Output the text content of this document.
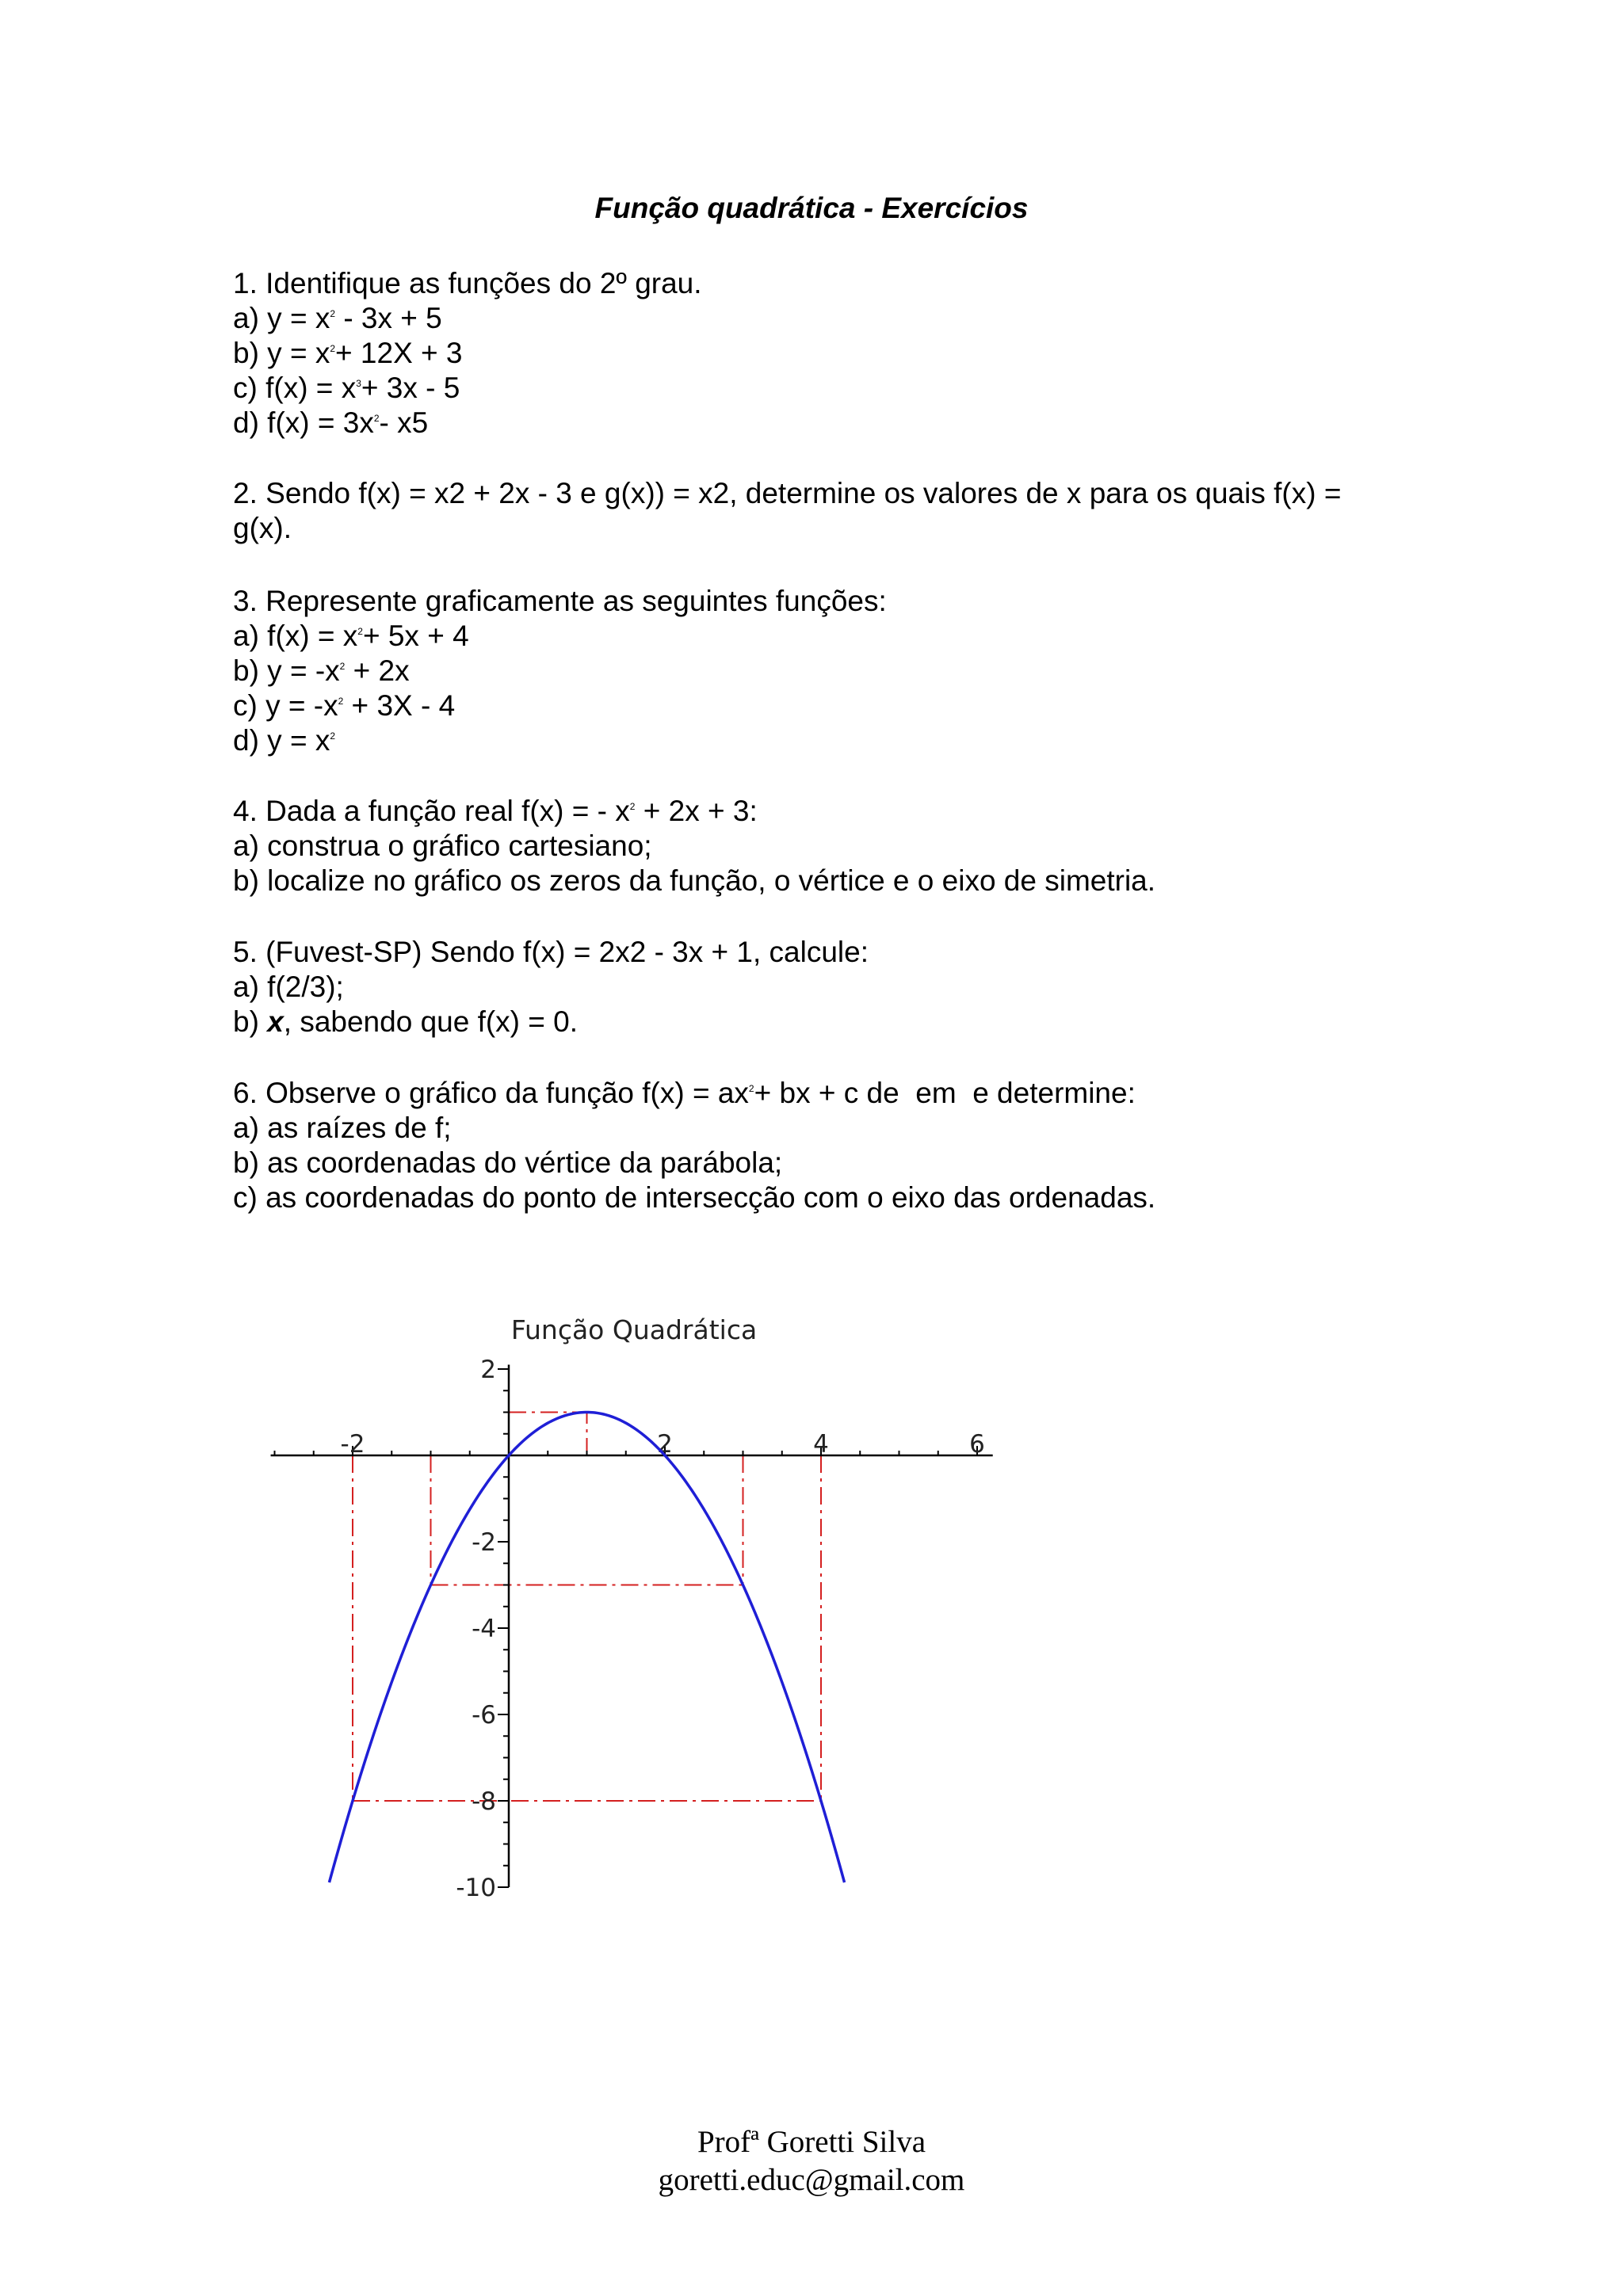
Função quadrática - Exercícios
1. Identifique as funções do 2º grau.
a) $y = x^2 - 3x + 5$
b) $y = x^2+ 12X + 3$
c) $f(x) = x^3+ 3x - 5$
d) $f(x) = 3x^2-$ x5
2. Sendo f(x) = x2 + 2x - 3 e g(x)) = x2, determine os valores de x para os quais f(x) = g(x).
3. Represente graficamente as seguintes funções:
a) $f(x) = x^2+ 5x + 4$
b) $y = -x^2 + 2x$
c) $y = -x^2 + 3X - 4$
d) $y = x^2$
4. Dada a função real f(x) = - $x^2 + 2x + 3$:
a) construa o gráfico cartesiano;
b) localize no gráfico os zeros da função, o vértice e o eixo de simetria.
5. (Fuvest-SP) Sendo f(x) = 2x2 - 3x + 1, calcule:
a) f(2/3);
b) x, sabendo que f(x) = 0.
6. Observe o gráfico da função $f(x) = ax^2+$ bx + c de  em  e determine:
a) as raízes de f;
b) as coordenadas do vértice da parábola;
c) as coordenadas do ponto de intersecção com o eixo das ordenadas.
Função Quadrática
-2	2	4	6
2
-2
-4
-6
-8
-10
Profª Goretti Silva
goretti.educ@gmail.com
